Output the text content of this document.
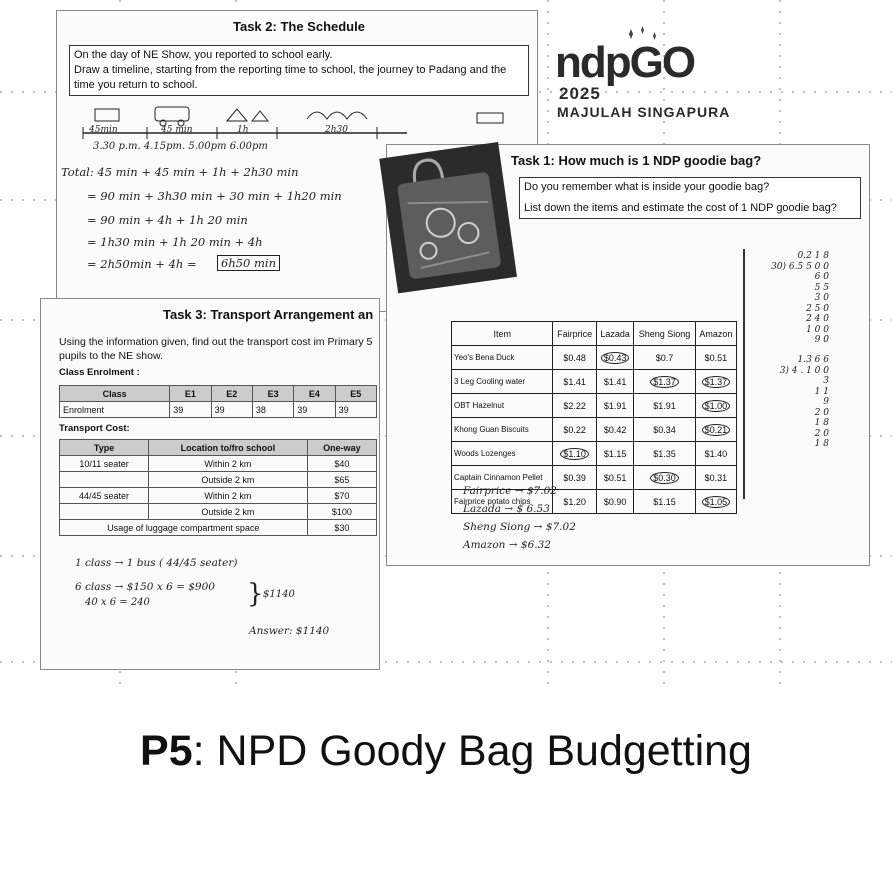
Task 2: The Schedule
On the day of NE Show, you reported to school early.
Draw a timeline, starting from the reporting time to school, the journey to Padang and the time you return to school.
45min	45 min	1h	2h30
3.30 p.m. 4.15pm. 5.00pm 6.00pm
Total: 45 min + 45 min + 1h + 2h30 min
= 90 min + 3h30 min + 30 min + 1h20 min
= 90 min + 4h + 1h 20 min
= 1h30 min + 1h 20 min + 4h
= 2h50min + 4h =	6h50 min
ndpGO
2025
MAJULAH SINGAPURA
Task 3: Transport Arrangement an
Using the information given, find out the transport cost im Primary 5 pupils to the NE show.
Class Enrolment :
Class	E1	E2	E3	E4	E5
Enrolment	39	39	38	39	39
Transport Cost:
Type	Location to/fro school	One-way
10/11 seater	Within 2 km	$40
	Outside 2 km	$65
44/45 seater	Within 2 km	$70
	Outside 2 km	$100
Usage of luggage compartment space		$30
1 class → 1 bus ( 44/45 seater)
6 class → $150 x 6 = $900
40 x 6 = 240	} $1140
Answer: $1140
Task 1: How much is 1 NDP goodie bag?
Do you remember what is inside your goodie bag?
List down the items and estimate the cost of 1 NDP goodie bag?
Item	Fairprice	Lazada	Sheng Siong	Amazon
Yeo's Bena Duck	$0.48	$0.43	$0.7	$0.51
3 Leg Cooling water	$1.41	$1.41	$1.37	$1.37
OBT Hazelnut	$2.22	$1.91	$1.91	$1.00
Khong Guan Biscuits	$0.22	$0.42	$0.34	$0.21
Woods Lozenges	$1.10	$1.15	$1.35	$1.40
Captain Cinnamon Pellet	$0.39	$0.51	$0.30	$0.31
Fairprice potato chips	$1.20	$0.90	$1.15	$1.05
Fairprice → $7.02
Lazada → $ 6.53
Sheng Siong → $7.02
Amazon → $6.32
0.2 1 8
30) 6.5 5 0 0
6 0
5 5
3 0
2 5 0
2 4 0
1 0 0
9 0
1.3 6 6
3) 4 . 1 0 0
3
1 1
9
2 0
1 8
2 0
1 8
P5: NPD Goody Bag Budgetting
